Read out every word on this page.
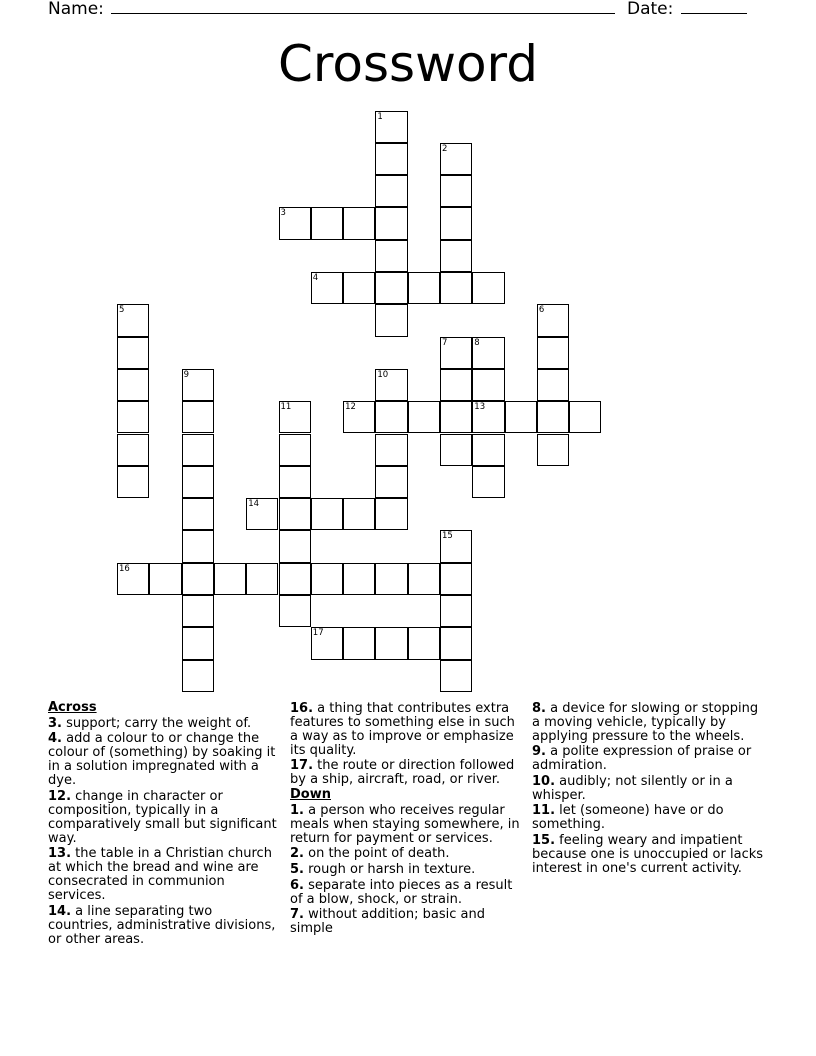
Name:	Date:
Crossword
1
2
3
4
5	6
7	8
9	10
11	12	13
14
15
16
17
Across
3. support; carry the weight of.
4. add a colour to or change the colour of (something) by soaking it in a solution impregnated with a dye.
12. change in character or composition, typically in a comparatively small but significant way.
13. the table in a Christian church at which the bread and wine are consecrated in communion services.
14. a line separating two countries, administrative divisions, or other areas.
16. a thing that contributes extra features to something else in such a way as to improve or emphasize its quality.
17. the route or direction followed by a ship, aircraft, road, or river.
Down
1. a person who receives regular meals when staying somewhere, in return for payment or services.
2. on the point of death.
5. rough or harsh in texture.
6. separate into pieces as a result of a blow, shock, or strain.
7. without addition; basic and simple
8. a device for slowing or stopping a moving vehicle, typically by applying pressure to the wheels.
9. a polite expression of praise or admiration.
10. audibly; not silently or in a whisper.
11. let (someone) have or do something.
15. feeling weary and impatient because one is unoccupied or lacks interest in one's current activity.
